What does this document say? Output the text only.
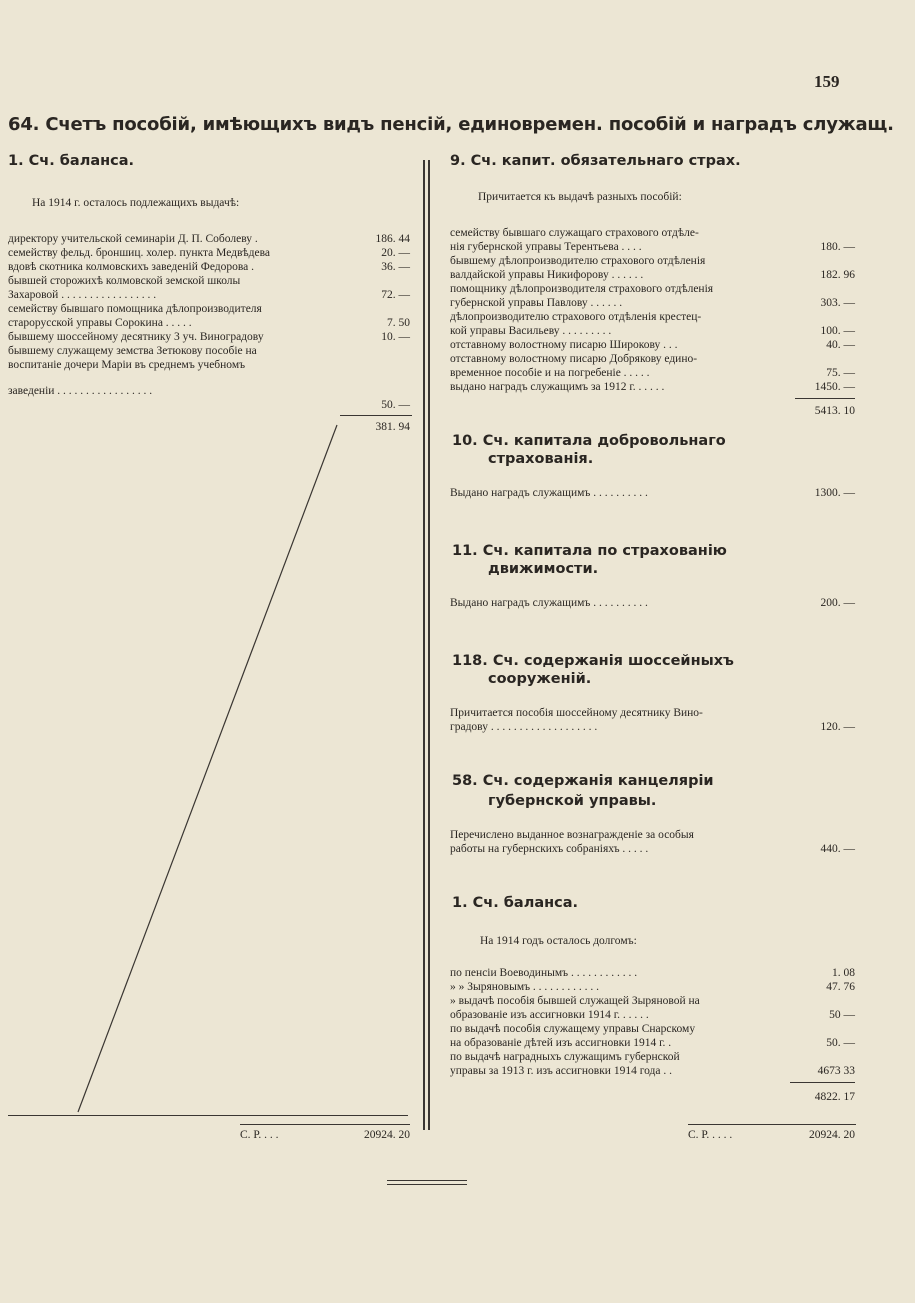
159
64. Счетъ пособій, имѣющихъ видъ пенсій, единовремен. пособій и наградъ служащ.
1. Сч. баланса.
На 1914 г. осталось подлежащихъ выдачѣ:
директору учительской семинаріи Д. П. Соболеву .	186. 44
семейству фельд. броншиц. холер. пункта Медвѣдева	20. —
вдовѣ скотника колмовскихъ заведеній Федорова .	36. —
бывшей сторожихѣ колмовской земской школы
Захаровой . . . . . . . . . . . . . . . . .	72. —
семейству бывшаго помощника дѣлопроизводителя
старорусской управы Сорокина . . . . .	7. 50
бывшему шоссейному десятнику 3 уч. Виноградову	10. —
бывшему служащему земства Зетюкову пособіе на
воспитаніе дочери Маріи въ среднемъ учебномъ
заведеніи . . . . . . . . . . . . . . . . .
50. —
381. 94
С. Р. . . .	20924. 20
9. Сч. капит. обязательнаго страх.
Причитается къ выдачѣ разныхъ пособій:
семейству бывшаго служащаго страхового отдѣле-
нія губернской управы Терентьева . . . .	180. —
бывшему дѣлопроизводителю страхового отдѣленія
валдайской управы Никифорову . . . . . .	182. 96
помощнику дѣлопроизводителя страхового отдѣленія
губернской управы Павлову . . . . . .	303. —
дѣлопроизводителю страхового отдѣленія крестец-
кой управы Васильеву . . . . . . . . .	100. —
отставному волостному писарю Широкову . . .	40. —
отставному волостному писарю Добрякову едино-
временное пособіе и на погребеніе . . . . .	75. —
выдано наградъ служащимъ за 1912 г. . . . . .	1450. —
5413. 10
10. Сч. капитала добровольнаго
страхованія.
Выдано наградъ служащимъ . . . . . . . . . .	1300. —
11. Сч. капитала по страхованію
движимости.
Выдано наградъ служащимъ . . . . . . . . . .	200. —
118. Сч. содержанія шоссейныхъ
сооруженій.
Причитается пособія шоссейному десятнику Вино-
градову . . . . . . . . . . . . . . . . . . .	120. —
58. Сч. содержанія канцеляріи
губернской управы.
Перечислено выданное вознагражденіе за особыя
работы на губернскихъ собраніяхъ . . . . .	440. —
1. Сч. баланса.
На 1914 годъ осталось долгомъ:
по пенсіи Воеводинымъ . . . . . . . . . . . .	1. 08
» » Зыряновымъ . . . . . . . . . . . .	47. 76
» выдачѣ пособія бывшей служащей Зыряновой на
образованіе изъ ассигновки 1914 г. . . . . .	50 —
по выдачѣ пособія служащему управы Снарскому
на образованіе дѣтей изъ ассигновки 1914 г. .	50. —
по выдачѣ наградныхъ служащимъ губернской
управы за 1913 г. изъ ассигновки 1914 года . .	4673 33
4822. 17
С. Р. . . . .	20924. 20
